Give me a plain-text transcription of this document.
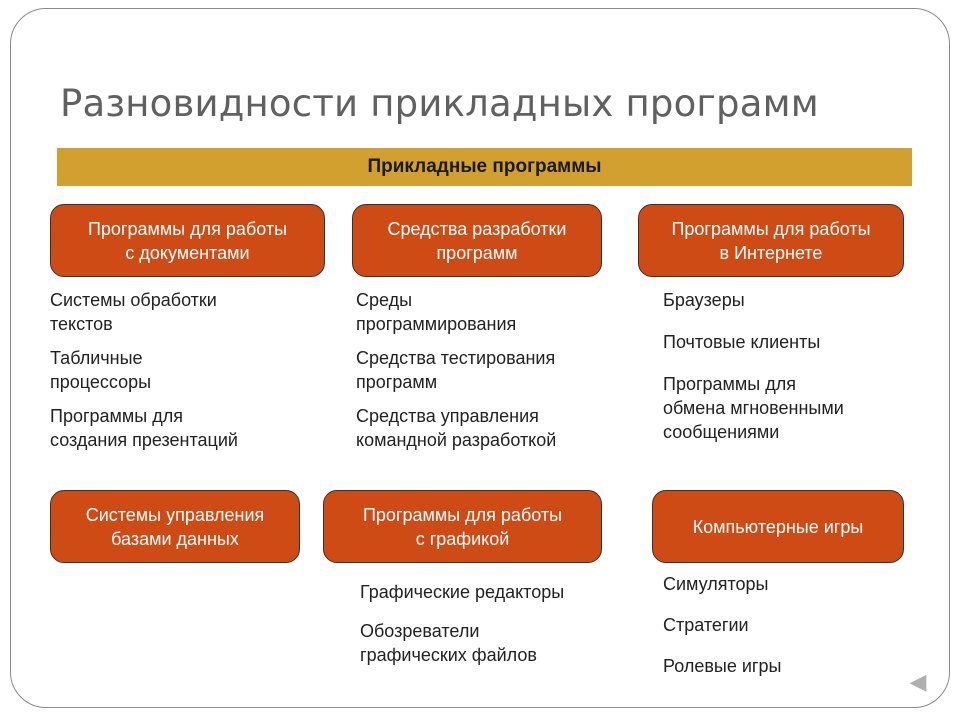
Разновидности прикладных программ
Прикладные программы
Программы для работы
с документами
Средства разработки
программ
Программы для работы
в Интернете
Системы управления
базами данных
Программы для работы
с графикой
Компьютерные игры
Системы обработки
текстов
Табличные
процессоры
Программы для
создания презентаций
Среды
программирования
Средства тестирования
программ
Средства управления
командной разработкой
Браузеры
Почтовые клиенты
Программы для
обмена мгновенными
сообщениями
Графические редакторы
Обозреватели
графических файлов
Симуляторы
Стратегии
Ролевые игры
◀
